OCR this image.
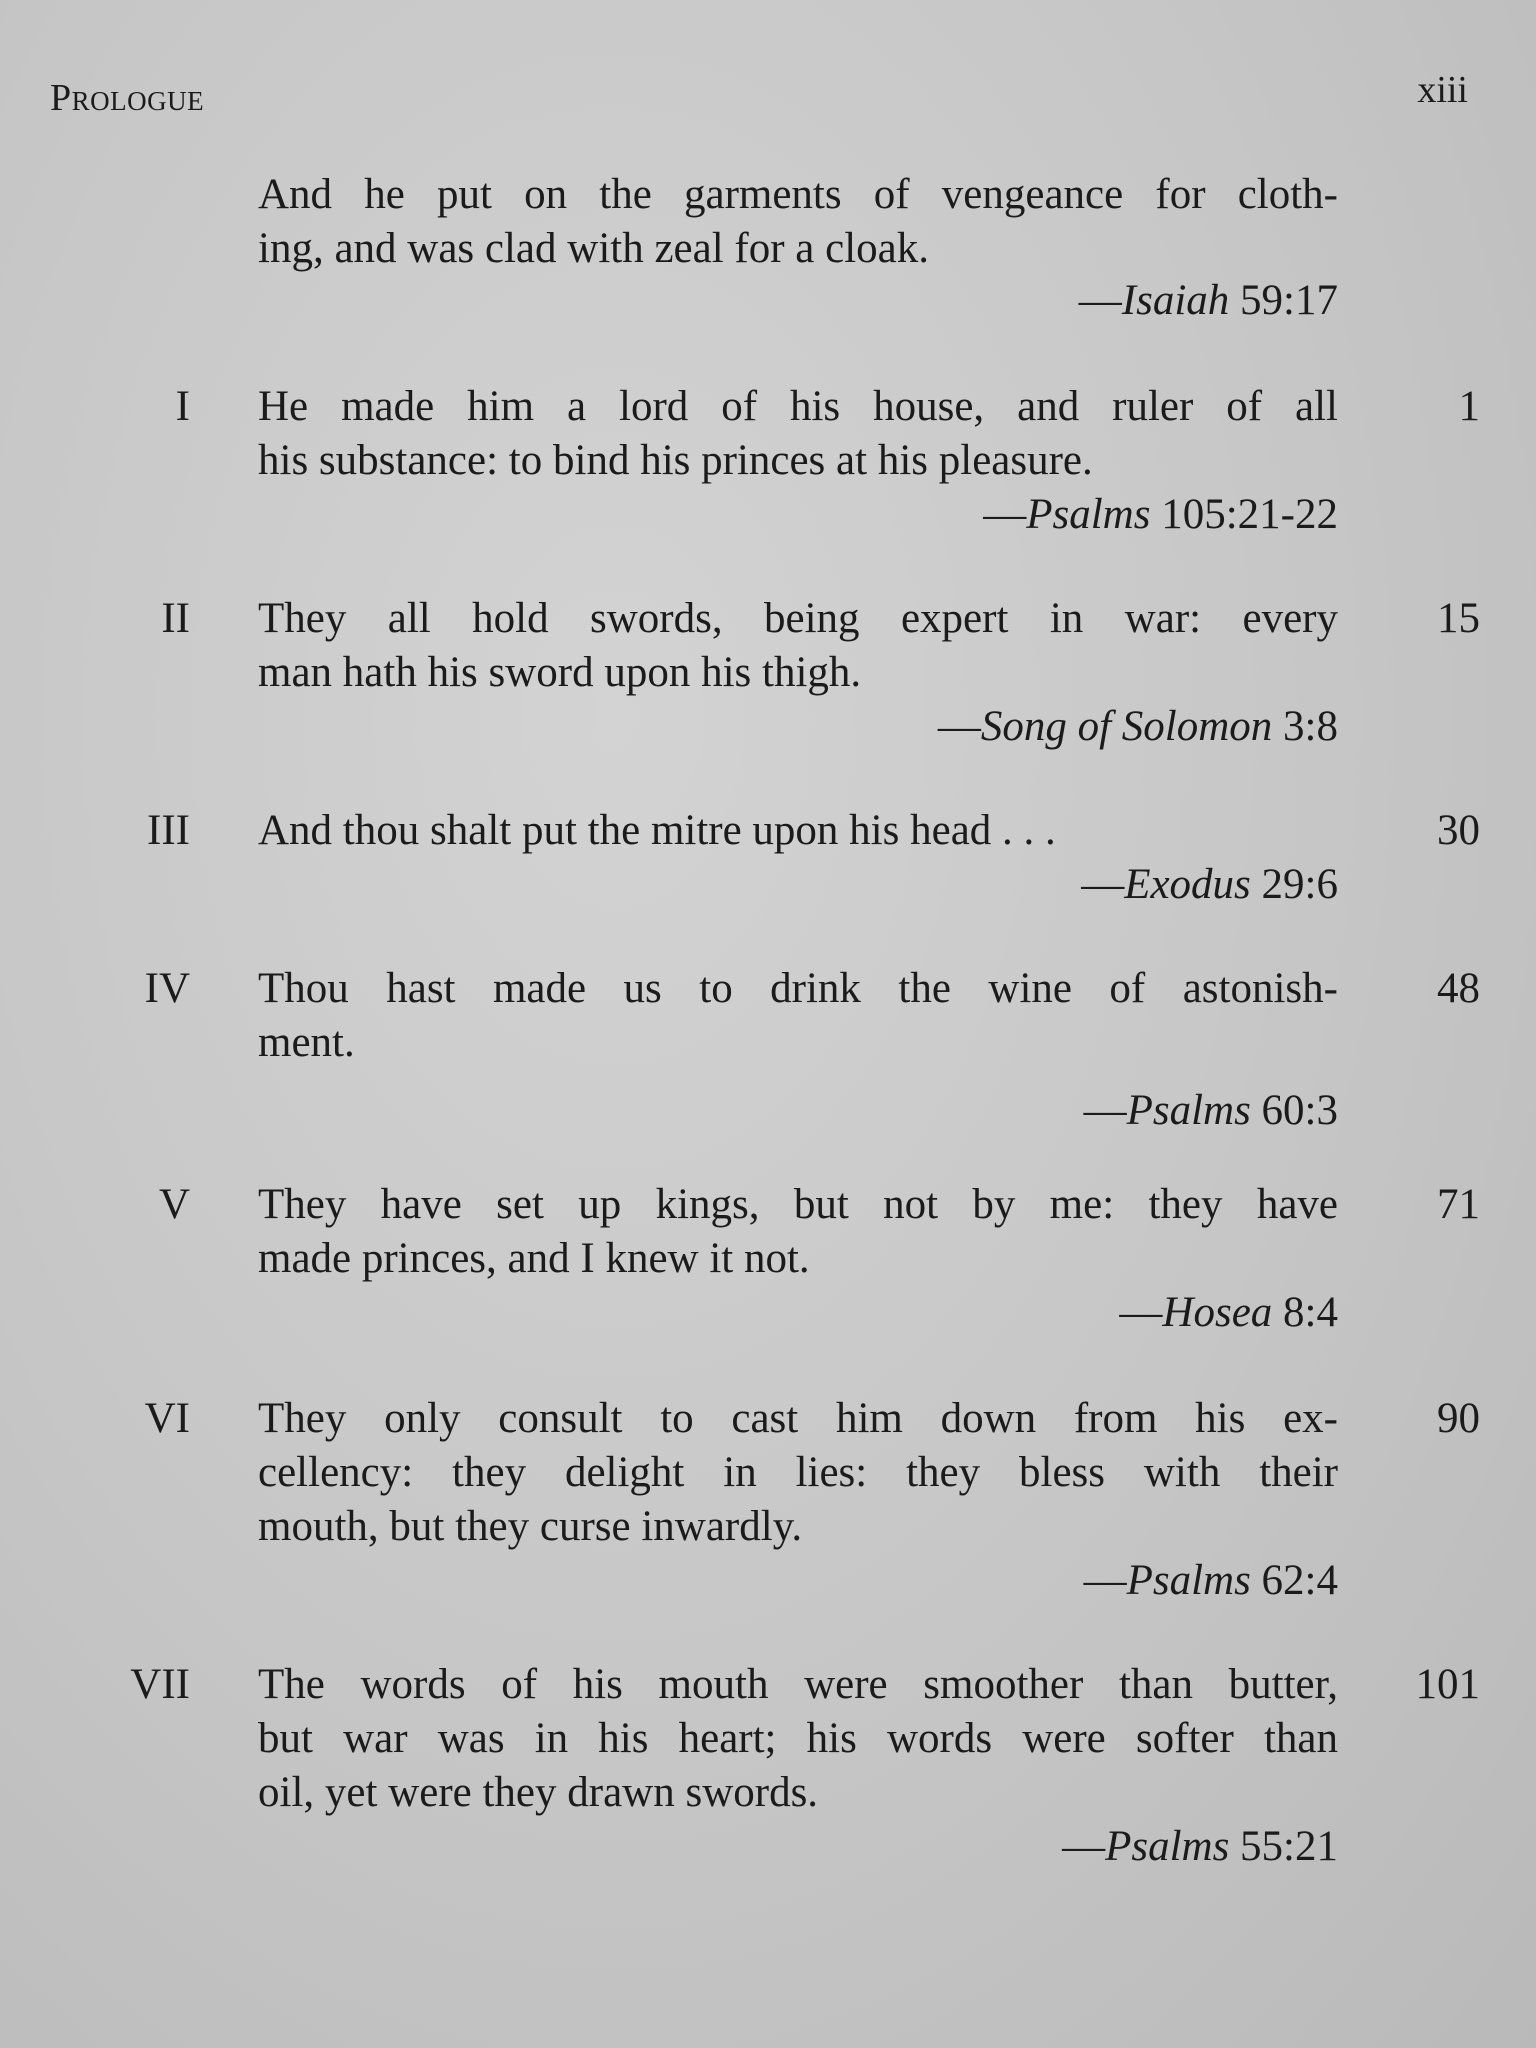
Prologue	xiii
And he put on the garments of vengeance for cloth-
ing, and was clad with zeal for a cloak.
—Isaiah 59:17
I He made him a lord of his house, and ruler of all
his substance: to bind his princes at his pleasure.
—Psalms 105:21-22
1
II They all hold swords, being expert in war: every
man hath his sword upon his thigh.
—Song of Solomon 3:8
15
III And thou shalt put the mitre upon his head . . .
—Exodus 29:6
30
IV Thou hast made us to drink the wine of astonish-
ment.
—Psalms 60:3
48
V They have set up kings, but not by me: they have
made princes, and I knew it not.
—Hosea 8:4
71
VI They only consult to cast him down from his ex-
cellency: they delight in lies: they bless with their
mouth, but they curse inwardly.
—Psalms 62:4
90
VII The words of his mouth were smoother than butter,
but war was in his heart; his words were softer than
oil, yet were they drawn swords.
—Psalms 55:21
101
